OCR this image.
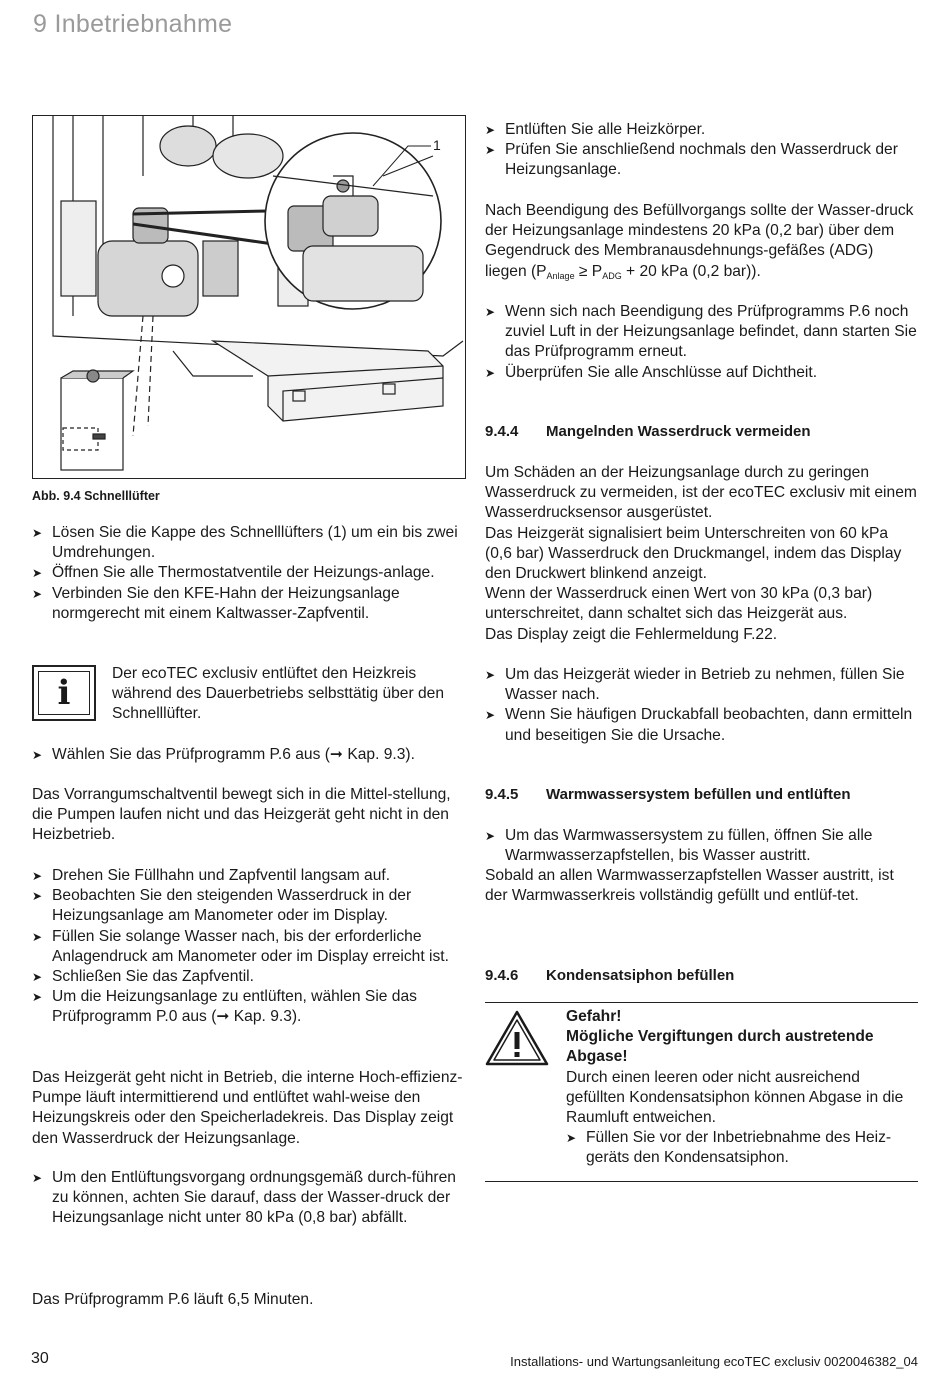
9 Inbetriebnahme
1
Abb. 9.4 Schnelllüfter
➤ Lösen Sie die Kappe des Schnelllüfters (1) um ein bis zwei Umdrehungen.
➤ Öffnen Sie alle Thermostatventile der Heizungs-anlage.
➤ Verbinden Sie den KFE-Hahn der Heizungsanlage normgerecht mit einem Kaltwasser-Zapfventil.
i	Der ecoTEC exclusiv entlüftet den Heizkreis während des Dauerbetriebs selbsttätig über den Schnelllüfter.
➤ Wählen Sie das Prüfprogramm P.6 aus (➞ Kap. 9.3).

Das Vorrangumschaltventil bewegt sich in die Mittel-stellung, die Pumpen laufen nicht und das Heizgerät geht nicht in den Heizbetrieb.

➤ Drehen Sie Füllhahn und Zapfventil langsam auf.
➤ Beobachten Sie den steigenden Wasserdruck in der Heizungsanlage am Manometer oder im Display.
➤ Füllen Sie solange Wasser nach, bis der erforderliche Anlagendruck am Manometer oder im Display erreicht ist.
➤ Schließen Sie das Zapfventil.
➤ Um die Heizungsanlage zu entlüften, wählen Sie das Prüfprogramm P.0 aus (➞ Kap. 9.3).

Das Heizgerät geht nicht in Betrieb, die interne Hoch-effizienz-Pumpe läuft intermittierend und entlüftet wahl-weise den Heizungskreis oder den Speicherladekreis. Das Display zeigt den Wasserdruck der Heizungsanlage.

➤ Um den Entlüftungsvorgang ordnungsgemäß durch-führen zu können, achten Sie darauf, dass der Wasser-druck der Heizungsanlage nicht unter 80 kPa (0,8 bar) abfällt.

Das Prüfprogramm P.6 läuft 6,5 Minuten.

➤ Entlüften Sie alle Heizkörper.
➤ Prüfen Sie anschließend nochmals den Wasserdruck der Heizungsanlage.

Nach Beendigung des Befüllvorgangs sollte der Wasser-druck der Heizungsanlage mindestens 20 kPa (0,2 bar) über dem Gegendruck des Membranausdehnungs-gefäßes (ADG) liegen ($P_{Anlage} \ge P_{ADG} + 20$ kPa (0,2 bar)).

➤ Wenn sich nach Beendigung des Prüfprogramms P.6 noch zuviel Luft in der Heizungsanlage befindet, dann starten Sie das Prüfprogramm erneut.
➤ Überprüfen Sie alle Anschlüsse auf Dichtheit.
9.4.4 Mangelnden Wasserdruck vermeiden

Um Schäden an der Heizungsanlage durch zu geringen Wasserdruck zu vermeiden, ist der ecoTEC exclusiv mit einem Wasserdrucksensor ausgerüstet.

Das Heizgerät signalisiert beim Unterschreiten von 60 kPa (0,6 bar) Wasserdruck den Druckmangel, indem das Display den Druckwert blinkend anzeigt.

Wenn der Wasserdruck einen Wert von 30 kPa (0,3 bar) unterschreitet, dann schaltet sich das Heizgerät aus.

Das Display zeigt die Fehlermeldung F.22.

➤ Um das Heizgerät wieder in Betrieb zu nehmen, füllen Sie Wasser nach.
➤ Wenn Sie häufigen Druckabfall beobachten, dann ermitteln und beseitigen Sie die Ursache.
9.4.5 Warmwassersystem befüllen und entlüften
➤ Um das Warmwassersystem zu füllen, öffnen Sie alle Warmwasserzapfstellen, bis Wasser austritt.

Sobald an allen Warmwasserzapfstellen Wasser austritt, ist der Warmwasserkreis vollständig gefüllt und entlüf-tet.

9.4.6 Kondensatsiphon befüllen

Gefahr!

Mögliche Vergiftungen durch austretende Abgase!

Durch einen leeren oder nicht ausreichend gefüllten Kondensatsiphon können Abgase in die Raumluft entweichen.

➤ Füllen Sie vor der Inbetriebnahme des Heiz-geräts den Kondensatsiphon.
30	Installations- und Wartungsanleitung ecoTEC exclusiv 0020046382_04
